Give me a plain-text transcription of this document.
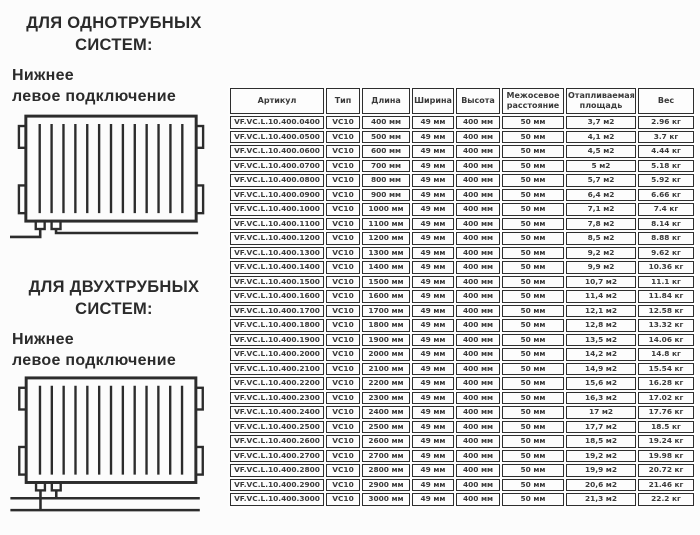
ДЛЯ ОДНОТРУБНЫХ
СИСТЕМ:
Нижнее
левое подключение
ДЛЯ ДВУХТРУБНЫХ
СИСТЕМ:
Нижнее
левое подключение
Артикул	Тип	Длина	Ширина	Высота	Межосевое расстояние	Отапливаемая площадь	Вес
VF.VC.L.10.400.0400	VC10	400 мм	49 мм	400 мм	50 мм	3,7 м2	2.96 кг
VF.VC.L.10.400.0500	VC10	500 мм	49 мм	400 мм	50 мм	4,1 м2	3.7 кг
VF.VC.L.10.400.0600	VC10	600 мм	49 мм	400 мм	50 мм	4,5 м2	4.44 кг
VF.VC.L.10.400.0700	VC10	700 мм	49 мм	400 мм	50 мм	5 м2	5.18 кг
VF.VC.L.10.400.0800	VC10	800 мм	49 мм	400 мм	50 мм	5,7 м2	5.92 кг
VF.VC.L.10.400.0900	VC10	900 мм	49 мм	400 мм	50 мм	6,4 м2	6.66 кг
VF.VC.L.10.400.1000	VC10	1000 мм	49 мм	400 мм	50 мм	7,1 м2	7.4 кг
VF.VC.L.10.400.1100	VC10	1100 мм	49 мм	400 мм	50 мм	7,8 м2	8.14 кг
VF.VC.L.10.400.1200	VC10	1200 мм	49 мм	400 мм	50 мм	8,5 м2	8.88 кг
VF.VC.L.10.400.1300	VC10	1300 мм	49 мм	400 мм	50 мм	9,2 м2	9.62 кг
VF.VC.L.10.400.1400	VC10	1400 мм	49 мм	400 мм	50 мм	9,9 м2	10.36 кг
VF.VC.L.10.400.1500	VC10	1500 мм	49 мм	400 мм	50 мм	10,7 м2	11.1 кг
VF.VC.L.10.400.1600	VC10	1600 мм	49 мм	400 мм	50 мм	11,4 м2	11.84 кг
VF.VC.L.10.400.1700	VC10	1700 мм	49 мм	400 мм	50 мм	12,1 м2	12.58 кг
VF.VC.L.10.400.1800	VC10	1800 мм	49 мм	400 мм	50 мм	12,8 м2	13.32 кг
VF.VC.L.10.400.1900	VC10	1900 мм	49 мм	400 мм	50 мм	13,5 м2	14.06 кг
VF.VC.L.10.400.2000	VC10	2000 мм	49 мм	400 мм	50 мм	14,2 м2	14.8 кг
VF.VC.L.10.400.2100	VC10	2100 мм	49 мм	400 мм	50 мм	14,9 м2	15.54 кг
VF.VC.L.10.400.2200	VC10	2200 мм	49 мм	400 мм	50 мм	15,6 м2	16.28 кг
VF.VC.L.10.400.2300	VC10	2300 мм	49 мм	400 мм	50 мм	16,3 м2	17.02 кг
VF.VC.L.10.400.2400	VC10	2400 мм	49 мм	400 мм	50 мм	17 м2	17.76 кг
VF.VC.L.10.400.2500	VC10	2500 мм	49 мм	400 мм	50 мм	17,7 м2	18.5 кг
VF.VC.L.10.400.2600	VC10	2600 мм	49 мм	400 мм	50 мм	18,5 м2	19.24 кг
VF.VC.L.10.400.2700	VC10	2700 мм	49 мм	400 мм	50 мм	19,2 м2	19.98 кг
VF.VC.L.10.400.2800	VC10	2800 мм	49 мм	400 мм	50 мм	19,9 м2	20.72 кг
VF.VC.L.10.400.2900	VC10	2900 мм	49 мм	400 мм	50 мм	20,6 м2	21.46 кг
VF.VC.L.10.400.3000	VC10	3000 мм	49 мм	400 мм	50 мм	21,3 м2	22.2 кг
